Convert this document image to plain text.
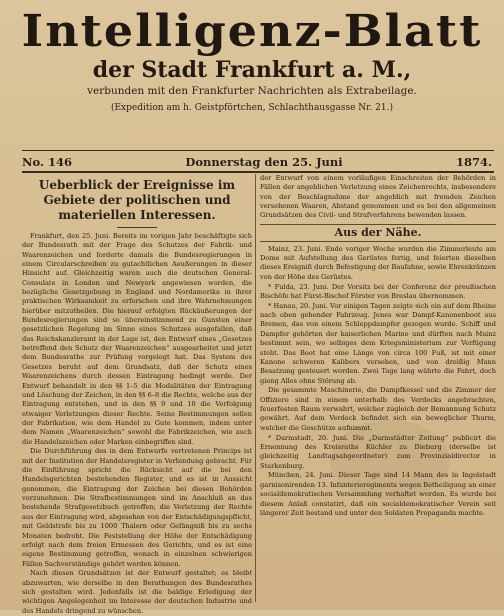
Intelligenz-Blatt
der Stadt Frankfurt a. M.,
verbunden mit den Frankfurter Nachrichten als Extrabeilage.
(Expedition am h. Geistpförtchen, Schlachthausgasse Nr. 21.)
No. 146	Donnerstag den 25. Juni	1874.
Ueberblick der Ereignisse im Gebiete der politischen und materiellen Interessen.

Frankfurt, den 25. Juni. Bereits im vorigen Jahr beschäftigte sich der Bundesrath mit der Frage des Schutzes der Fabrik- und Waarenzeichen und forderte damals die Bundesregierungen in einem Circularschreiben zu gutachtlichen Aeußerungen in dieser Hinsicht auf. Gleichzeitig waren auch die deutschen General-Consulate in London und Newyork angewiesen worden, die bezügliche Gesetzgebung in England und Nordamerika in ihrer praktischen Wirksamkeit zu erforschen und ihre Wahrnehmungen hierüber mitzutheilen. Die hierauf erfolgten Rückäußerungen der Bundesregierungen sind so übereinstimmend zu Gunsten einer gesetzlichen Regelung im Sinne eines Schutzes ausgefallen, daß das Reichskanzleramt in der Lage ist, den Entwurf eines „Gesetzes betreffend den Schutz der Waarenzeichen“ ausgearbeitet und jetzt dem Bundesrathe zur Prüfung vorgelegt hat. Das System des Gesetzes beruht auf dem Grundsatz, daß der Schutz eines Waarenzeichens durch dessen Eintragung bedingt werde. Der Entwurf behandelt in den §§ 1–5 die Modalitäten der Eintragung und Löschung der Zeichen, in den §§ 6–8 die Rechte, welche aus der Eintragung entstehen, und in den §§ 9 und 10 die Verfolgung etwaiger Verletzungen dieser Rechte. Seine Bestimmungen sollen der Fabrikation, wie dem Handel zu Gute kommen, indem unter dem Namen „Waarenzeichen“ sowohl die Fabrikzeichen, wie auch die Handelszeichen oder Marken einbegriffen sind.

Die Durchführung des in dem Entwurfe vertretenen Princips ist mit der Institution der Handelsregister in Verbindung gebracht. Für die Einführung spricht die Rücksicht auf die bei den Handelsgerichten bestehenden Register, und es ist in Aussicht genommen, die Eintragung der Zeichen bei diesen Behörden vorzunehmen. Die Strafbestimmungen sind im Anschluß an das bestehende Strafgesetzbuch getroffen; die Verletzung der Rechte aus der Eintragung wird, abgesehen von der Entschädigungspflicht, mit Geldstrafe bis zu 1000 Thalern oder Gefängniß bis zu sechs Monaten bedroht. Die Feststellung der Höhe der Entschädigung erfolgt nach dem freien Ermessen des Gerichts, und es ist eine eigene Bestimmung getroffen, wonach in einzelnen schwierigen Fällen Sachverständige gehört werden können.

Nach diesen Grundsätzen ist der Entwurf gestaltet; es bleibt abzuwarten, wie derselbe in den Berathungen des Bundesrathes sich gestalten wird. Jedenfalls ist die baldige Erledigung der wichtigen Angelegenheit im Interesse der deutschen Industrie und des Handels dringend zu wünschen.

der Entwurf von einem vorläufigen Einschreiten der Behörden in Fällen der angeblichen Verletzung eines Zeichenrechts, insbesondere von der Beschlagnahme der angeblich mit fremden Zeichen versehenen Waaren, Abstand genommen und es bei den allgemeinen Grundsätzen des Civil- und Strafverfahrens bewenden lassen.

Aus der Nähe.

Mainz, 23. Juni. Ende voriger Woche wurden die Zimmerleute am Dome mit Aufstellung des Gerüstes fertig, und feierten dieselben dieses Ereigniß durch Befestigung der Baufahne, sowie Ehrenkränzen von der Höhe des Gerüstes.

* Fulda, 23. Juni. Der Vorsitz bei der Conferenz der preußischen Bischöfe hat Fürst-Bischof Förster von Breslau übernommen.

* Hanau, 20. Juni. Vor einigen Tagen zeigte sich ein auf dem Rheine nach oben gehender Fahrzeug. Jenes war Dampf-Kanonenboot aus Bremen, das von einem Schleppdampfer gezogen wurde. Schiff und Dampfer gehörten der kaiserlichen Marine und dürften nach Mainz bestimmt sein, wo selbiges dem Kriegsministerium zur Verfügung steht. Das Boot hat eine Länge von circa 100 Fuß, ist mit einer Kanone schweren Kalibers versehen, und von dreißig Mann Besatzung gesteuert worden. Zwei Tage lang währte die Fahrt, doch gieng Alles ohne Störung ab.

Die gesammte Maschinerie, die Dampfkessel und die Zimmer der Offiziere sind in einem unterhalb des Verdecks angebrachten, feuerfesten Raum verwahrt, welcher zugleich der Bemannung Schutz gewährt. Auf dem Verdeck befindet sich ein beweglicher Thurm, welcher die Geschütze aufnimmt.

* Darmstadt, 20. Juni. Die „Darmstädter Zeitung“ publicirt die Ernennung des Kreisraths Küchler zu Dieburg (derselbe ist gleichzeitig Landtagsabgeordneter) zum Provinzialdirector in Starkenburg.

München, 24. Juni. Dieser Tage sind 14 Mann des in Ingolstadt garnisonirenden 13. Infanterieregiments wegen Betheiligung an einer socialdemokratischen Versammlung verhaftet worden. Es wurde bei diesem Anlaß constatirt, daß ein socialdemokratischer Verein seit längerer Zeit bestand und unter den Soldaten Propaganda machte.
